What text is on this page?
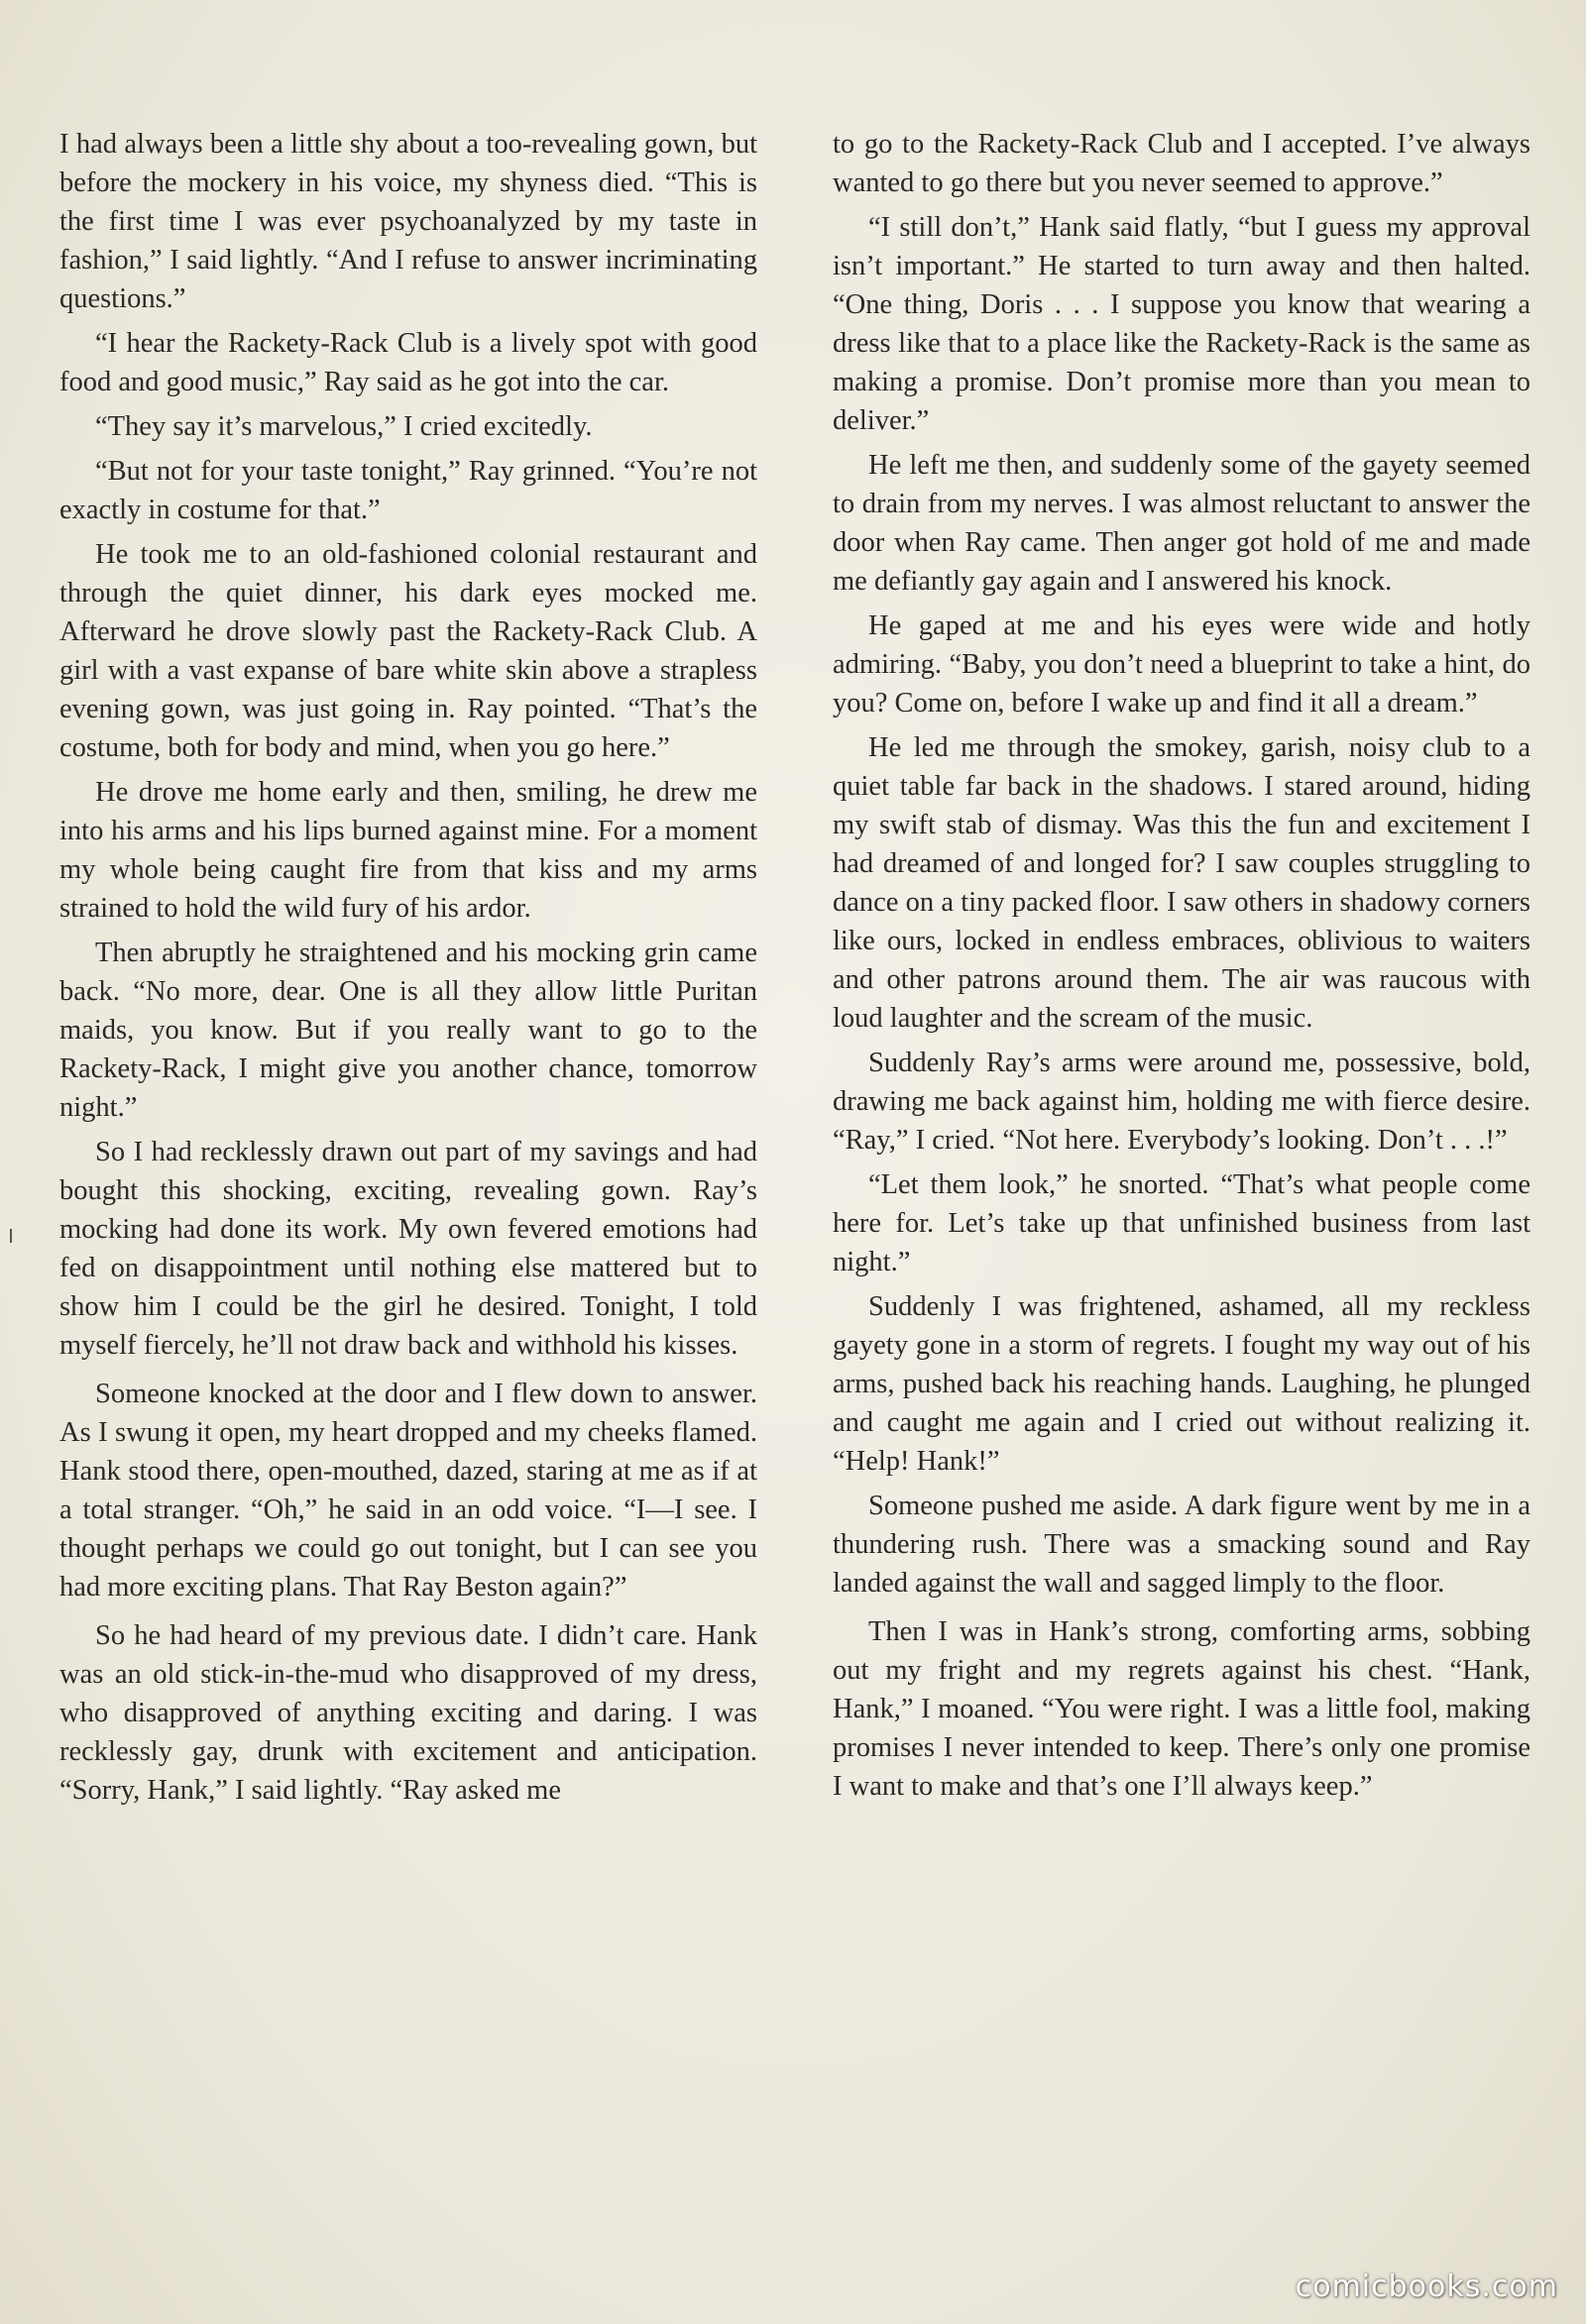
I had always been a little shy about a too-revealing gown, but before the mockery in his voice, my shyness died. “This is the first time I was ever psychoanalyzed by my taste in fashion,” I said lightly. “And I refuse to answer incriminating questions.”

“I hear the Rackety-Rack Club is a lively spot with good food and good music,” Ray said as he got into the car.

“They say it’s marvelous,” I cried excitedly.

“But not for your taste tonight,” Ray grinned. “You’re not exactly in costume for that.”

He took me to an old-fashioned colonial restaurant and through the quiet dinner, his dark eyes mocked me. Afterward he drove slowly past the Rackety-Rack Club. A girl with a vast expanse of bare white skin above a strapless evening gown, was just going in. Ray pointed. “That’s the costume, both for body and mind, when you go here.”

He drove me home early and then, smiling, he drew me into his arms and his lips burned against mine. For a moment my whole being caught fire from that kiss and my arms strained to hold the wild fury of his ardor.

Then abruptly he straightened and his mocking grin came back. “No more, dear. One is all they allow little Puritan maids, you know. But if you really want to go to the Rackety-Rack, I might give you another chance, tomorrow night.”

So I had recklessly drawn out part of my savings and had bought this shocking, exciting, revealing gown. Ray’s mocking had done its work. My own fevered emotions had fed on disappointment until nothing else mattered but to show him I could be the girl he desired. Tonight, I told myself fiercely, he’ll not draw back and withhold his kisses.

Someone knocked at the door and I flew down to answer. As I swung it open, my heart dropped and my cheeks flamed. Hank stood there, open-mouthed, dazed, staring at me as if at a total stranger. “Oh,” he said in an odd voice. “I—I see. I thought perhaps we could go out tonight, but I can see you had more exciting plans. That Ray Beston again?”

So he had heard of my previous date. I didn’t care. Hank was an old stick-in-the-mud who disapproved of my dress, who disapproved of anything exciting and daring. I was recklessly gay, drunk with excitement and anticipation. “Sorry, Hank,” I said lightly. “Ray asked me

to go to the Rackety-Rack Club and I accepted. I’ve always wanted to go there but you never seemed to approve.”

“I still don’t,” Hank said flatly, “but I guess my approval isn’t important.” He started to turn away and then halted. “One thing, Doris . . . I suppose you know that wearing a dress like that to a place like the Rackety-Rack is the same as making a promise. Don’t promise more than you mean to deliver.”

He left me then, and suddenly some of the gayety seemed to drain from my nerves. I was almost reluctant to answer the door when Ray came. Then anger got hold of me and made me defiantly gay again and I answered his knock.

He gaped at me and his eyes were wide and hotly admiring. “Baby, you don’t need a blueprint to take a hint, do you? Come on, before I wake up and find it all a dream.”

He led me through the smokey, garish, noisy club to a quiet table far back in the shadows. I stared around, hiding my swift stab of dismay. Was this the fun and excitement I had dreamed of and longed for? I saw couples struggling to dance on a tiny packed floor. I saw others in shadowy corners like ours, locked in endless embraces, oblivious to waiters and other patrons around them. The air was raucous with loud laughter and the scream of the music.

Suddenly Ray’s arms were around me, possessive, bold, drawing me back against him, holding me with fierce desire. “Ray,” I cried. “Not here. Everybody’s looking. Don’t . . .!”

“Let them look,” he snorted. “That’s what people come here for. Let’s take up that unfinished business from last night.”

Suddenly I was frightened, ashamed, all my reckless gayety gone in a storm of regrets. I fought my way out of his arms, pushed back his reaching hands. Laughing, he plunged and caught me again and I cried out without realizing it. “Help! Hank!”

Someone pushed me aside. A dark figure went by me in a thundering rush. There was a smacking sound and Ray landed against the wall and sagged limply to the floor.

Then I was in Hank’s strong, comforting arms, sobbing out my fright and my regrets against his chest. “Hank, Hank,” I moaned. “You were right. I was a little fool, making promises I never intended to keep. There’s only one promise I want to make and that’s one I’ll always keep.”

comicbooks.com
